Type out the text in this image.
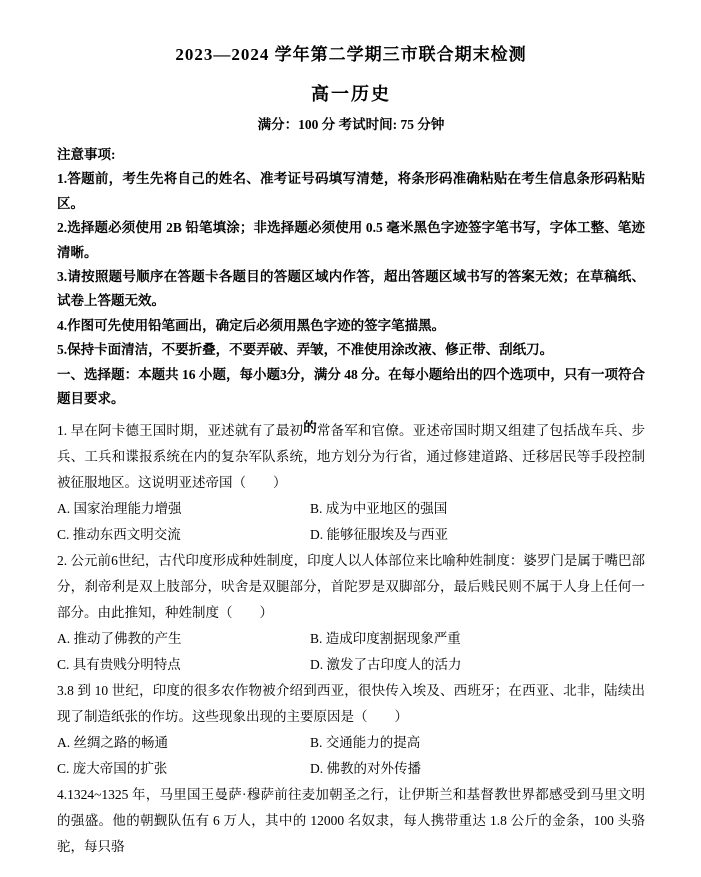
2023—2024 学年第二学期三市联合期末检测
高一历史
满分：100 分 考试时间: 75 分钟

注意事项:

1.答题前，考生先将自己的姓名、准考证号码填写清楚，将条形码准确粘贴在考生信息条形码粘贴区。

2.选择题必须使用 2B 铅笔填涂；非选择题必须使用 0.5 毫米黑色字迹签字笔书写，字体工整、笔迹清晰。

3.请按照题号顺序在答题卡各题目的答题区域内作答，超出答题区域书写的答案无效；在草稿纸、试卷上答题无效。

4.作图可先使用铅笔画出，确定后必须用黑色字迹的签字笔描黑。

5.保持卡面清洁，不要折叠，不要弄破、弄皱，不准使用涂改液、修正带、刮纸刀。

一、选择题：本题共 16 小题，每小题3分，满分 48 分。在每小题给出的四个选项中，只有一项符合题目要求。

1. 早在阿卡德王国时期，亚述就有了最初的常备军和官僚。亚述帝国时期又组建了包括战车兵、步兵、工兵和谍报系统在内的复杂军队系统，地方划分为行省，通过修建道路、迁移居民等手段控制被征服地区。这说明亚述帝国（　　）

A. 国家治理能力增强	B. 成为中亚地区的强国
C. 推动东西文明交流	D. 能够征服埃及与西亚

2. 公元前6世纪，古代印度形成种姓制度，印度人以人体部位来比喻种姓制度：婆罗门是属于嘴巴部分，刹帝利是双上肢部分，吠舍是双腿部分，首陀罗是双脚部分，最后贱民则不属于人身上任何一部分。由此推知，种姓制度（　　）

A. 推动了佛教的产生	B. 造成印度割据现象严重
C. 具有贵贱分明特点	D. 激发了古印度人的活力

3.8 到 10 世纪，印度的很多农作物被介绍到西亚，很快传入埃及、西班牙；在西亚、北非，陆续出现了制造纸张的作坊。这些现象出现的主要原因是（　　）

A. 丝绸之路的畅通	B. 交通能力的提高
C. 庞大帝国的扩张	D. 佛教的对外传播

4.1324~1325 年，马里国王曼萨·穆萨前往麦加朝圣之行，让伊斯兰和基督教世界都感受到马里文明的强盛。他的朝觐队伍有 6 万人，其中的 12000 名奴隶，每人携带重达 1.8 公斤的金条，100 头骆驼，每只骆
